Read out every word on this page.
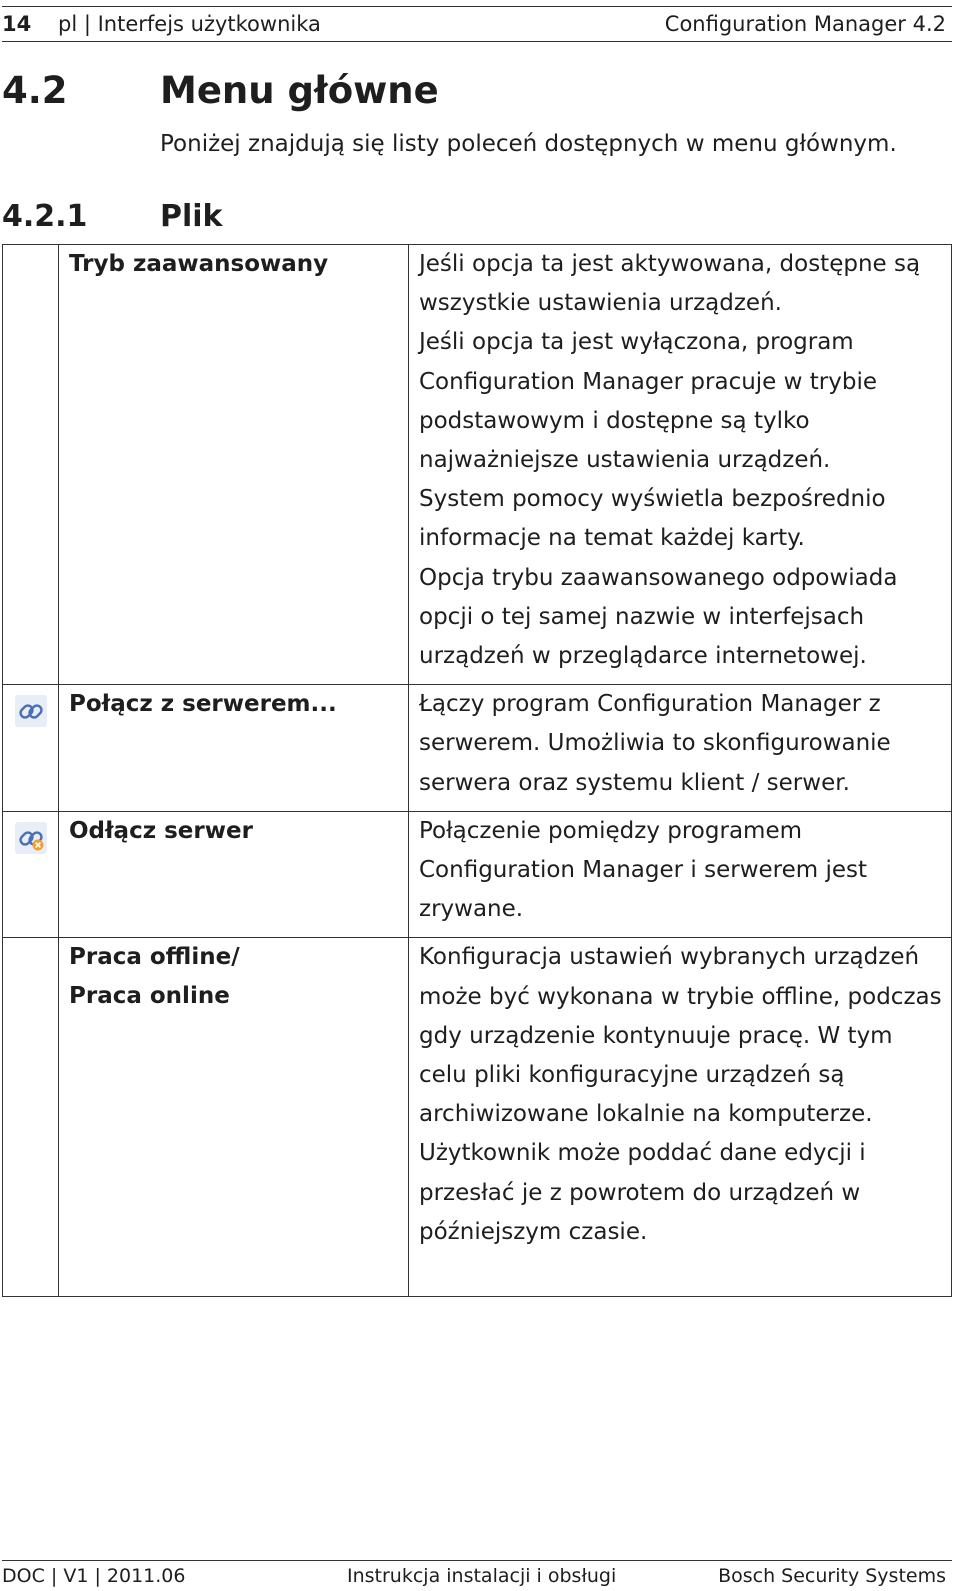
14 pl | Interfejs użytkownika	Configuration Manager 4.2
4.2 Menu główne
Poniżej znajdują się listy poleceń dostępnych w menu głównym.
4.2.1 Plik
	Tryb zaawansowany	Jeśli opcja ta jest aktywowana, dostępne są wszystkie ustawienia urządzeń.

Jeśli opcja ta jest wyłączona, program Configuration Manager pracuje w trybie podstawowym i dostępne są tylko najważniejsze ustawienia urządzeń.

System pomocy wyświetla bezpośrednio informacje na temat każdej karty.

Opcja trybu zaawansowanego odpowiada opcji o tej samej nazwie w interfejsach urządzeń w przeglądarce internetowej.

	Połącz z serwerem...	Łączy program Configuration Manager z serwerem. Umożliwia to skonfigurowanie serwera oraz systemu klient / serwer.

	Odłącz serwer	Połączenie pomiędzy programem Configuration Manager i serwerem jest zrywane.

	Praca offline/
Praca online	Konfiguracja ustawień wybranych urządzeń może być wykonana w trybie offline, podczas gdy urządzenie kontynuuje pracę. W tym celu pliki konfiguracyjne urządzeń są archiwizowane lokalnie na komputerze. Użytkownik może poddać dane edycji i przesłać je z powrotem do urządzeń w późniejszym czasie.

DOC | V1 | 2011.06	Instrukcja instalacji i obsługi	Bosch Security Systems
